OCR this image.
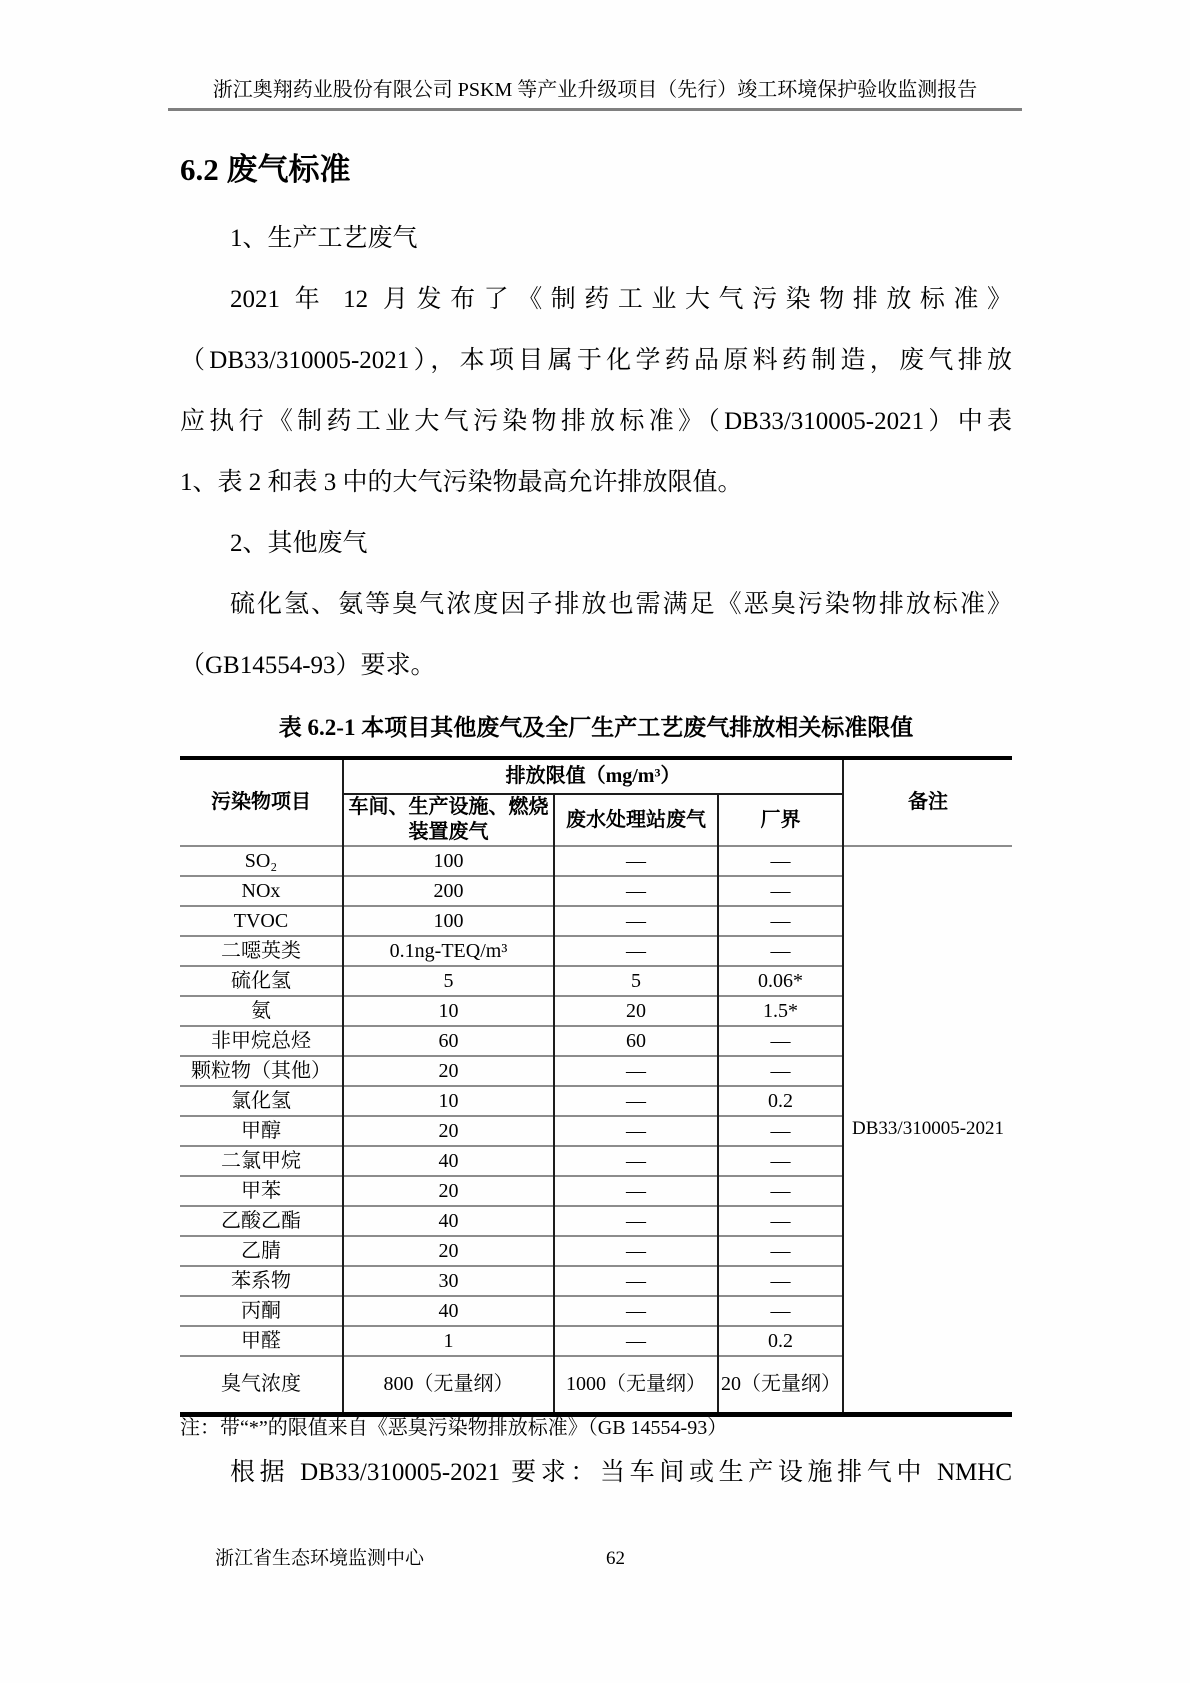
浙江奥翔药业股份有限公司 PSKM 等产业升级项目（先行）竣工环境保护验收监测报告
6.2 废气标准
1、生产工艺废气
2021 年 12 月发布了《制药工业大气污染物排放标准》
（DB33/310005-2021），本项目属于化学药品原料药制造，废气排放
应执行《制药工业大气污染物排放标准》（DB33/310005-2021）中表
1、表 2 和表 3 中的大气污染物最高允许排放限值。
2、其他废气
硫化氢、氨等臭气浓度因子排放也需满足《恶臭污染物排放标准》
（GB14554-93）要求。
表 6.2-1 本项目其他废气及全厂生产工艺废气排放相关标准限值
污染物项目	排放限值（mg/m³）			备注
	车间、生产设施、燃烧装置废气	废水处理站废气	厂界	
SO₂	100	—	—	DB33/310005-2021
NOx	200	—	—	
TVOC	100	—	—	
二噁英类	0.1ng-TEQ/m³	—	—	
硫化氢	5	5	0.06*	
氨	10	20	1.5*	
非甲烷总烃	60	60	—	
颗粒物（其他）	20	—	—	
氯化氢	10	—	0.2	
甲醇	20	—	—	
二氯甲烷	40	—	—	
甲苯	20	—	—	
乙酸乙酯	40	—	—	
乙腈	20	—	—	
苯系物	30	—	—	
丙酮	40	—	—	
甲醛	1	—	0.2	
臭气浓度	800（无量纲）	1000（无量纲）	20（无量纲）	
注：带“*”的限值来自《恶臭污染物排放标准》（GB 14554-93）
根据 DB33/310005-2021 要求：当车间或生产设施排气中 NMHC
浙江省生态环境监测中心	62
